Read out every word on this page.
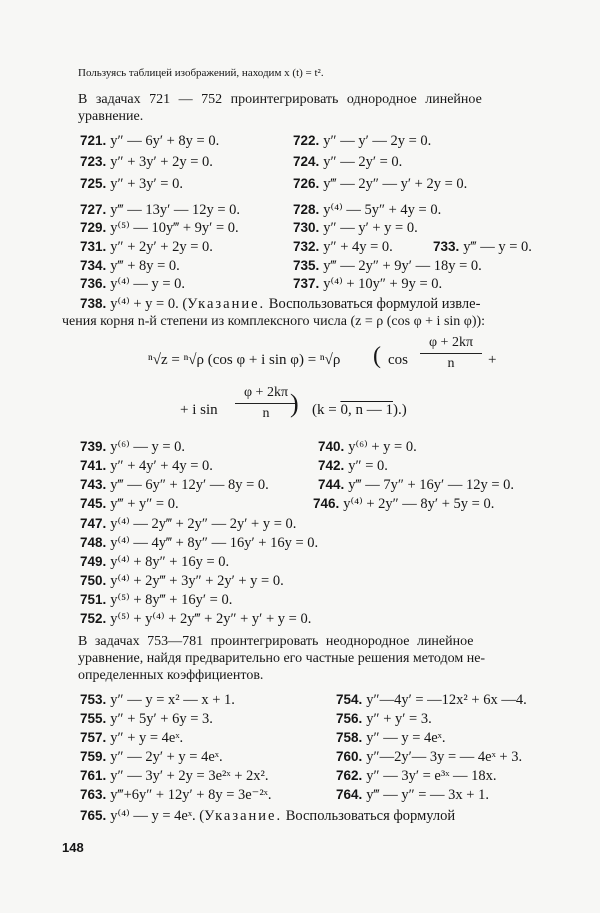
Пользуясь таблицей изображений, находим x (t) = t².
В задачах 721 — 752 проинтегрировать однородное линейное
уравнение.
721. y″ — 6y′ + 8y = 0.	722. y″ — y′ — 2y = 0.
723. y″ + 3y′ + 2y = 0.	724. y″ — 2y′ = 0.
725. y″ + 3y′ = 0.	726. y‴ — 2y″ — y′ + 2y = 0.
727. y‴ — 13y′ — 12y = 0.	728. y⁽⁴⁾ — 5y″ + 4y = 0.
729. y⁽⁵⁾ — 10y‴ + 9y′ = 0.	730. y″ — y′ + y = 0.
731. y″ + 2y′ + 2y = 0.	732. y″ + 4y = 0.	733. y‴ — y = 0.
734. y‴ + 8y = 0.	735. y‴ — 2y″ + 9y′ — 18y = 0.
736. y⁽⁴⁾ — y = 0.	737. y⁽⁴⁾ + 10y″ + 9y = 0.
738. y⁽⁴⁾ + y = 0. (Указание. Воспользоваться формулой извле-
чения корня n-й степени из комплексного числа (z = ρ (cos φ + i sin φ)):
ⁿ√z = ⁿ√ρ (cos φ + i sin φ) = ⁿ√ρ ( cos
φ + 2kπ
n	+
+ i sin
φ + 2kπ
n ) (k = 0, n — 1).)
739. y⁽⁶⁾ — y = 0.	740. y⁽⁶⁾ + y = 0.
741. y″ + 4y′ + 4y = 0.	742. y″ = 0.
743. y‴ — 6y″ + 12y′ — 8y = 0.	744. y‴ — 7y″ + 16y′ — 12y = 0.
745. y‴ + y″ = 0.	746. y⁽⁴⁾ + 2y″ — 8y′ + 5y = 0.
747. y⁽⁴⁾ — 2y‴ + 2y″ — 2y′ + y = 0.
748. y⁽⁴⁾ — 4y‴ + 8y″ — 16y′ + 16y = 0.
749. y⁽⁴⁾ + 8y″ + 16y = 0.
750. y⁽⁴⁾ + 2y‴ + 3y″ + 2y′ + y = 0.
751. y⁽⁵⁾ + 8y‴ + 16y′ = 0.
752. y⁽⁵⁾ + y⁽⁴⁾ + 2y‴ + 2y″ + y′ + y = 0.
В задачах 753—781 проинтегрировать неоднородное линейное
уравнение, найдя предварительно его частные решения методом не-
определенных коэффициентов.
753. y″ — y = x² — x + 1.	754. y″—4y′ = —12x² + 6x —4.
755. y″ + 5y′ + 6y = 3.	756. y″ + y′ = 3.
757. y″ + y = 4eˣ.	758. y″ — y = 4eˣ.
759. y″ — 2y′ + y = 4eˣ.	760. y″—2y′— 3y = — 4eˣ + 3.
761. y″ — 3y′ + 2y = 3e²ˣ + 2x².	762. y″ — 3y′ = e³ˣ — 18x.
763. y‴+6y″ + 12y′ + 8y = 3e⁻²ˣ.	764. y‴ — y″ = — 3x + 1.
765. y⁽⁴⁾ — y = 4eˣ. (Указание. Воспользоваться формулой
148
